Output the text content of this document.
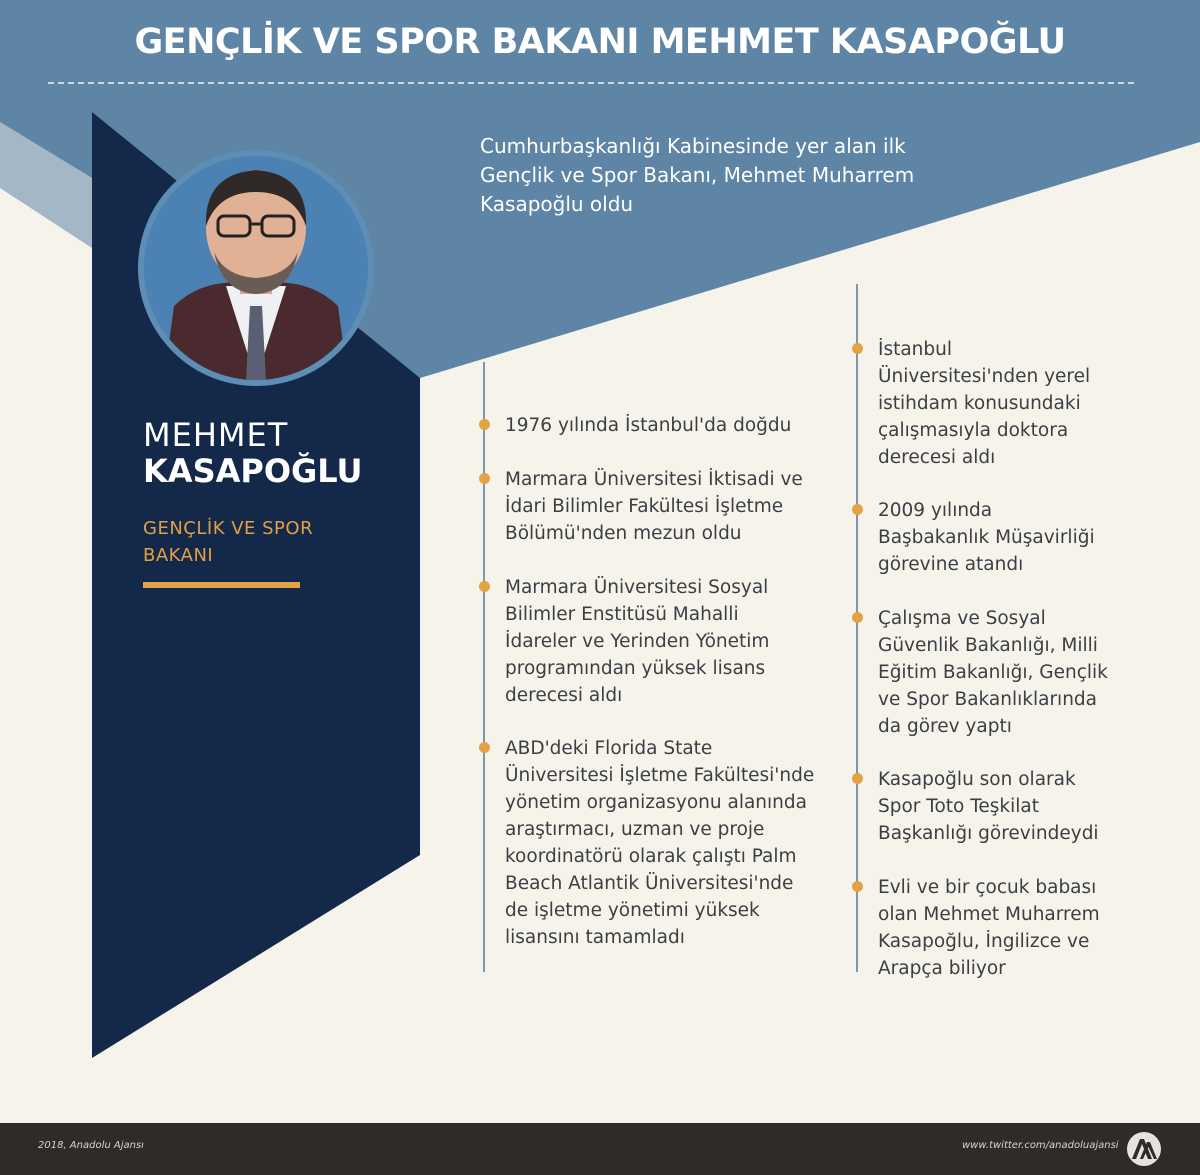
GENÇLİK VE SPOR BAKANI MEHMET KASAPOĞLU
Cumhurbaşkanlığı Kabinesinde yer alan ilk Gençlik ve Spor Bakanı, Mehmet Muharrem Kasapoğlu oldu
MEHMET
KASAPOĞLU
GENÇLİK VE SPOR
BAKANI
1976 yılında İstanbul'da doğdu
Marmara Üniversitesi İktisadi ve İdari Bilimler Fakültesi İşletme Bölümü'nden mezun oldu
Marmara Üniversitesi Sosyal Bilimler Enstitüsü Mahalli İdareler ve Yerinden Yönetim programından yüksek lisans derecesi aldı
ABD'deki Florida State Üniversitesi İşletme Fakültesi'nde yönetim organizasyonu alanında araştırmacı, uzman ve proje koordinatörü olarak çalıştı Palm Beach Atlantik Üniversitesi'nde de işletme yönetimi yüksek lisansını tamamladı
İstanbul Üniversitesi'nden yerel istihdam konusundaki çalışmasıyla doktora derecesi aldı
2009 yılında Başbakanlık Müşavirliği görevine atandı
Çalışma ve Sosyal Güvenlik Bakanlığı, Milli Eğitim Bakanlığı, Gençlik ve Spor Bakanlıklarında da görev yaptı
Kasapoğlu son olarak Spor Toto Teşkilat Başkanlığı görevindeydi
Evli ve bir çocuk babası olan Mehmet Muharrem Kasapoğlu, İngilizce ve Arapça biliyor
2018, Anadolu Ajansı	www.twitter.com/anadoluajansi
